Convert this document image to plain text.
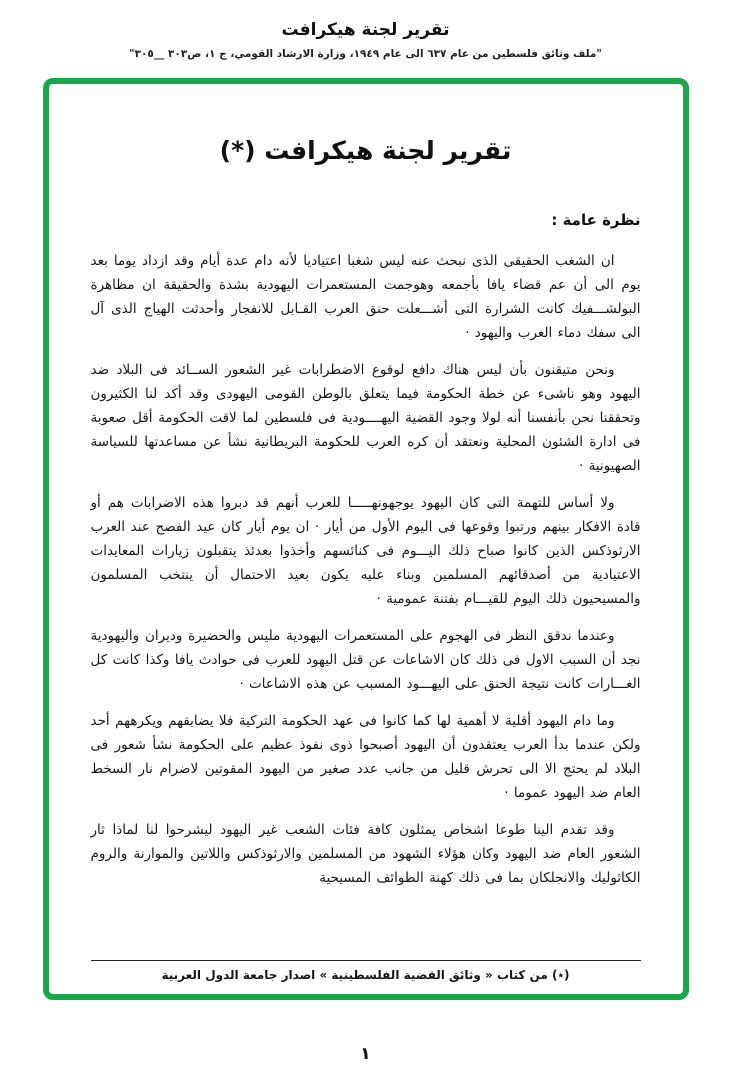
تقرير لجنة هيكرافت
"ملف وثائق فلسطين من عام ٦٣٧ الى عام ١٩٤٩، وزارة الارشاد القومي، ج ١، ص٣٠٣ __٣٠٥"
تقرير لجنة هيكرافت (*)
نظرة عامة :

ان الشغب الحقيقى الذى نبحث عنه ليس شغبا اعتياديا لأنه دام عدة أيام وقد ازداد يوما بعد يوم الى أن عم قضاء يافا بأجمعه وهوجمت المستعمرات اليهودية بشدة والحقيقة ان مظاهرة البولشـــفيك كانت الشرارة التى أشـــعلت حنق العرب القـابل للانفجار وأحدثت الهياج الذى آل الى سفك دماء العرب واليهود ·

ونحن متيقنون بأن ليس هناك دافع لوقوع الاضطرابات غير الشعور الســائد فى البلاد ضد اليهود وهو ناشىء عن خطة الحكومة فيما يتعلق بالوطن القومى اليهودى وقد أكد لنا الكثيرون وتحققنا نحن بأنفسنا أنه لولا وجود القضية اليهــــودية فى فلسطين لما لاقت الحكومة أقل صعوبة فى ادارة الشئون المحلية ونعتقد أن كره العرب للحكومة البريطانية نشأ عن مساعدتها للسياسة الصهيونية ·

ولا أساس للتهمة التى كان اليهود يوجهونهـــــا للعرب أنهم قد دبروا هذه الاضرابات هم أو قادة الافكار بينهم ورتبوا وقوعها فى اليوم الأول من أيار · ان يوم أيار كان عيد الفصح عند العرب الارثوذكس الذين كانوا صباح ذلك اليـــوم فى كنائسهم وأخذوا بعدئذ يتقبلون زيارات المعايدات الاعتيادية من أصدقائهم المسلمين وبناء عليه يكون بعيد الاحتمال أن ينتخب المسلمون والمسيحيون ذلك اليوم للقيـــام بفتنة عمومية ·

وعندما ندقق النظر فى الهجوم على المستعمرات اليهودية مليس والحضيرة وديران واليهودية نجد أن السبب الاول فى ذلك كان الاشاعات عن قتل اليهود للعرب فى حوادث يافا وكذا كانت كل الغـــارات كانت نتيجة الحنق على اليهـــود المسبب عن هذه الاشاعات ·

وما دام اليهود أقلية لا أهمية لها كما كانوا فى عهد الحكومة التركية فلا يضايقهم ويكرههم أحد ولكن عندما بدأ العرب يعتقدون أن اليهود أصبحوا ذوى نفوذ عظيم على الحكومة نشأ شعور فى البلاد لم يحتج الا الى تحرش قليل من جانب عدد صغير من اليهود المقوتين لاضرام نار السخط العام ضد اليهود عموما ·

وقد تقدم الينا طوعا اشخاص يمثلون كافة فئات الشعب غير اليهود ليشرحوا لنا لماذا ثار الشعور العام ضد اليهود وكان هؤلاء الشهود من المسلمين والارثوذكس واللاتين والموارنة والروم الكاثوليك والانجلكان بما فى ذلك كهنة الطوائف المسيحية

(٭) من كتاب « وثائق القضية الفلسطينية » اصدار جامعة الدول العربية
١
